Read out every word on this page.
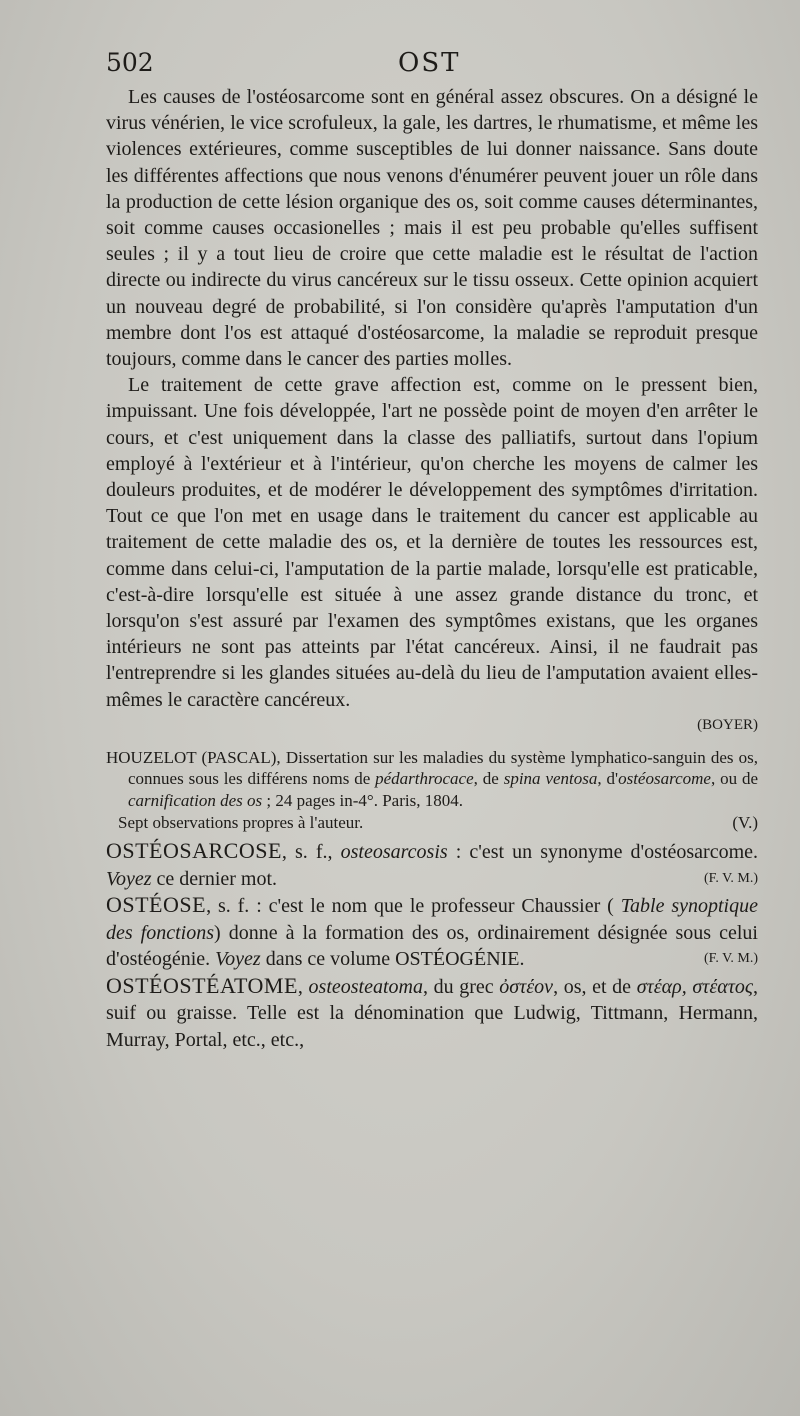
502	OST

Les causes de l'ostéosarcome sont en général assez obscures. On a désigné le virus vénérien, le vice scrofuleux, la gale, les dartres, le rhumatisme, et même les violences extérieures, comme susceptibles de lui donner naissance. Sans doute les différentes affections que nous venons d'énumérer peuvent jouer un rôle dans la production de cette lésion organique des os, soit comme causes déterminantes, soit comme causes occasionelles ; mais il est peu probable qu'elles suffisent seules ; il y a tout lieu de croire que cette maladie est le résultat de l'action directe ou indirecte du virus cancéreux sur le tissu osseux. Cette opinion acquiert un nouveau degré de probabilité, si l'on considère qu'après l'amputation d'un membre dont l'os est attaqué d'ostéosarcome, la maladie se reproduit presque toujours, comme dans le cancer des parties molles.

Le traitement de cette grave affection est, comme on le pressent bien, impuissant. Une fois développée, l'art ne possède point de moyen d'en arrêter le cours, et c'est uniquement dans la classe des palliatifs, surtout dans l'opium employé à l'extérieur et à l'intérieur, qu'on cherche les moyens de calmer les douleurs produites, et de modérer le développement des symptômes d'irritation. Tout ce que l'on met en usage dans le traitement du cancer est applicable au traitement de cette maladie des os, et la dernière de toutes les ressources est, comme dans celui-ci, l'amputation de la partie malade, lorsqu'elle est praticable, c'est-à-dire lorsqu'elle est située à une assez grande distance du tronc, et lorsqu'on s'est assuré par l'examen des symptômes existans, que les organes intérieurs ne sont pas atteints par l'état cancéreux. Ainsi, il ne faudrait pas l'entreprendre si les glandes situées au-delà du lieu de l'amputation avaient elles-mêmes le caractère cancéreux.

(BOYER)
HOUZELOT (PASCAL), Dissertation sur les maladies du système lymphatico-sanguin des os, connues sous les différens noms de pédarthrocace, de spina ventosa, d'ostéosarcome, ou de carnification des os ; 24 pages in-4°. Paris, 1804.
Sept observations propres à l'auteur.	(V.)
OSTÉOSARCOSE, s. f., osteosarcosis : c'est un synonyme d'ostéosarcome. Voyez ce dernier mot.	(F. V. M.)
OSTÉOSE, s. f. : c'est le nom que le professeur Chaussier ( Table synoptique des fonctions) donne à la formation des os, ordinairement désignée sous celui d'ostéogénie. Voyez dans ce volume OSTÉOGÉNIE.	(F. V. M.)
OSTÉOSTÉATOME, osteosteatoma, du grec ὀστέον, os, et de στέαρ, στέατος, suif ou graisse. Telle est la dénomination que Ludwig, Tittmann, Hermann, Murray, Portal, etc., etc.,
